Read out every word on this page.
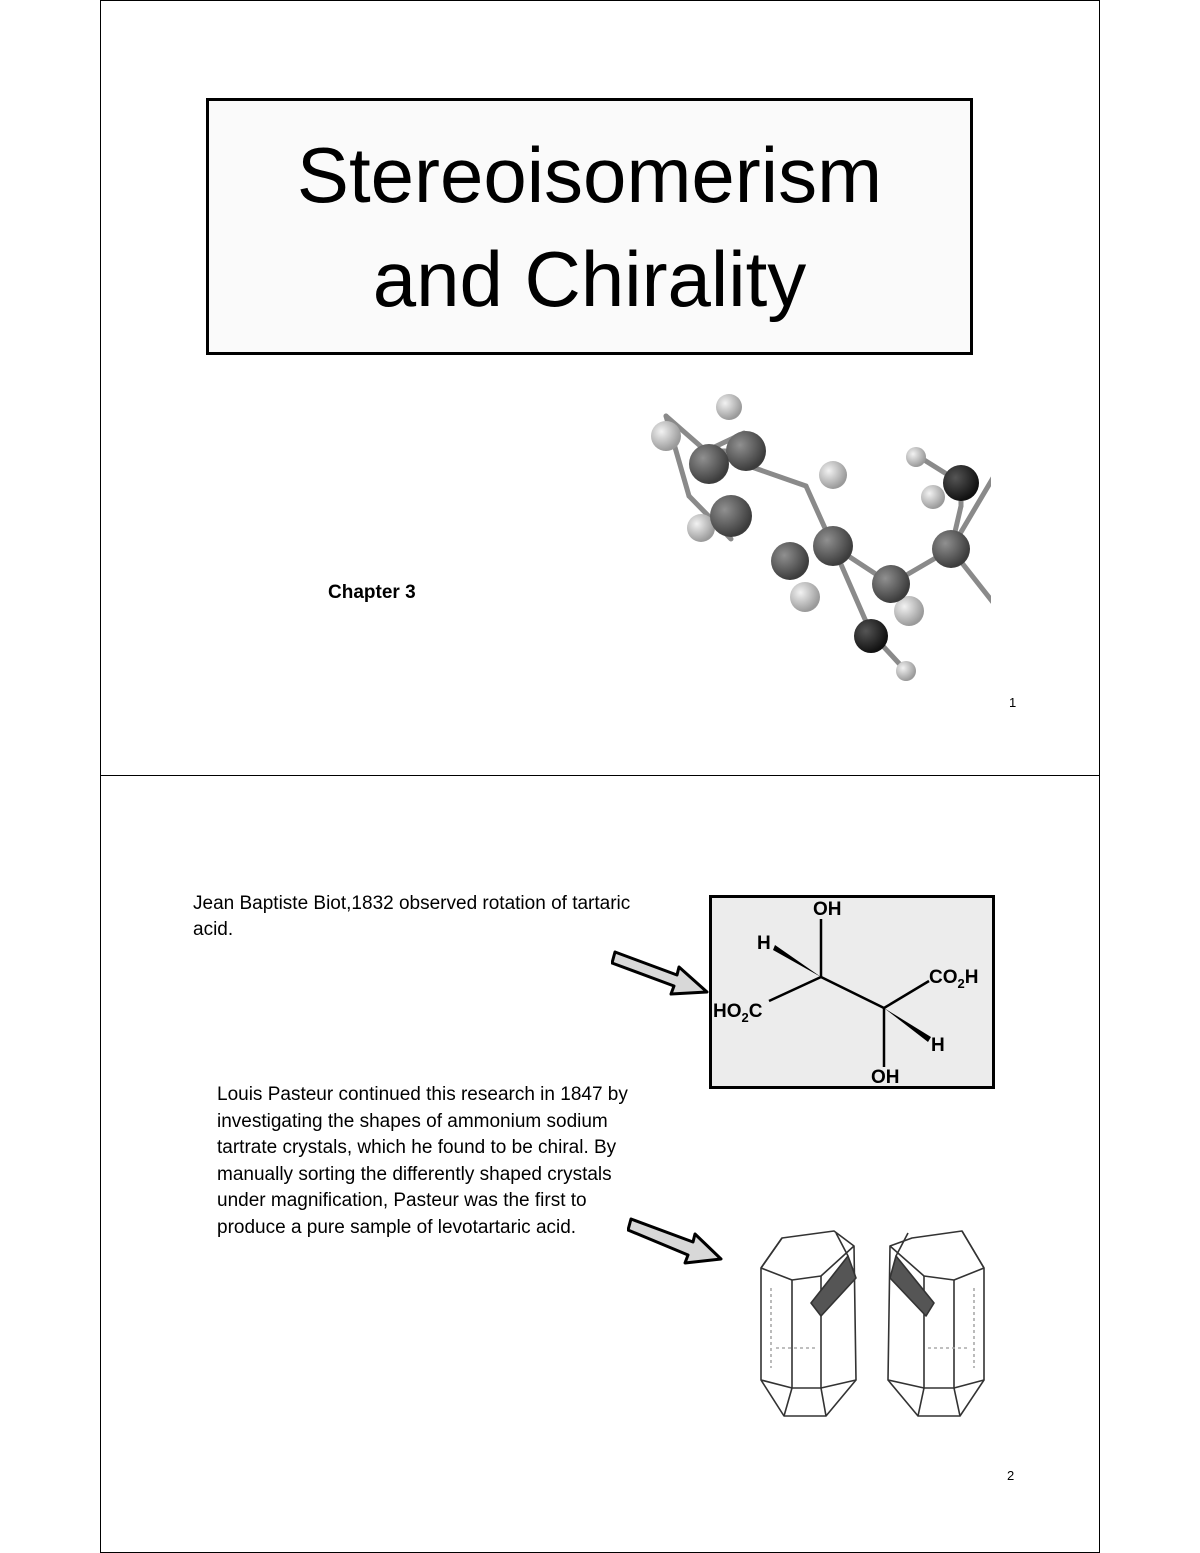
Stereoisomerism
and Chirality
Chapter 3
1
Jean Baptiste Biot,1832 observed rotation of tartaric acid.
OH
H
$HO_2C$
$CO_2H$
H
OH
Louis Pasteur continued this research in 1847 by investigating the shapes of ammonium sodium tartrate crystals, which he found to be chiral. By manually sorting the differently shaped crystals under magnification, Pasteur was the first to produce a pure sample of levotartaric acid.
2
